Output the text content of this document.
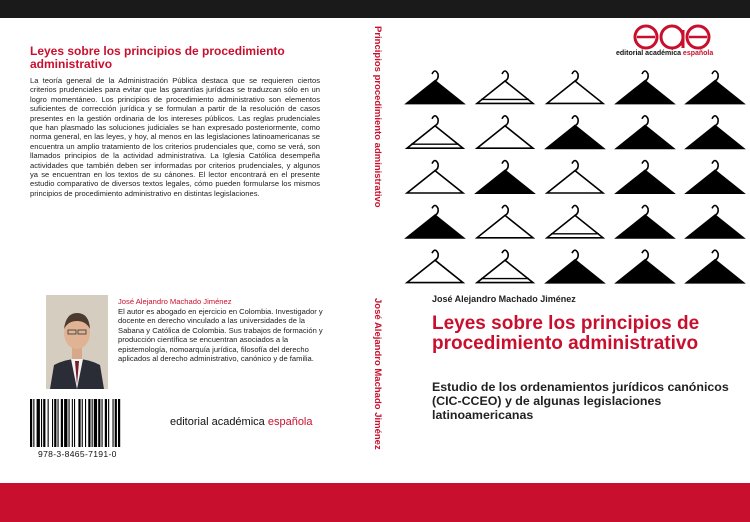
Leyes sobre los principios de procedimiento administrativo

La teoría general de la Administración Pública destaca que se requieren ciertos criterios prudenciales para evitar que las garantías jurídicas se traduzcan sólo en un logro momentáneo. Los principios de procedimiento administrativo son elementos suficientes de corrección jurídica y se formulan a partir de la resolución de casos presentes en la gestión ordinaria de los intereses públicos. Las reglas prudenciales que han plasmado las soluciones judiciales se han expresado posteriormente, como norma general, en las leyes, y hoy, al menos en las legislaciones latinoamericanas se encuentra un amplio tratamiento de los criterios prudenciales que, como se verá, son llamados principios de la actividad administrativa. La Iglesia Católica desempeña actividades que también deben ser informadas por criterios prudenciales, y algunos ya se encuentran en los textos de su cánones. El lector encontrará en el presente estudio comparativo de diversos textos legales, cómo pueden formularse los mismos principios de procedimiento administrativo en distintas legislaciones.

José Alejandro Machado Jiménez

El autor es abogado en ejercicio en Colombia. Investigador y docente en derecho vinculado a las universidades de la Sabana y Católica de Colombia. Sus trabajos de formación y producción científica se encuentran asociados a la epistemología, nomoarquía jurídica, filosofía del derecho aplicados al derecho administrativo, canónico y de familia.

978-3-8465-7191-0

editorial académica española

Principios procedimiento administrativo

José Alejandro Machado Jiménez

editorial académica española

José Alejandro Machado Jiménez

Leyes sobre los principios de procedimiento administrativo

Estudio de los ordenamientos jurídicos canónicos (CIC-CCEO) y de algunas legislaciones latinoamericanas
